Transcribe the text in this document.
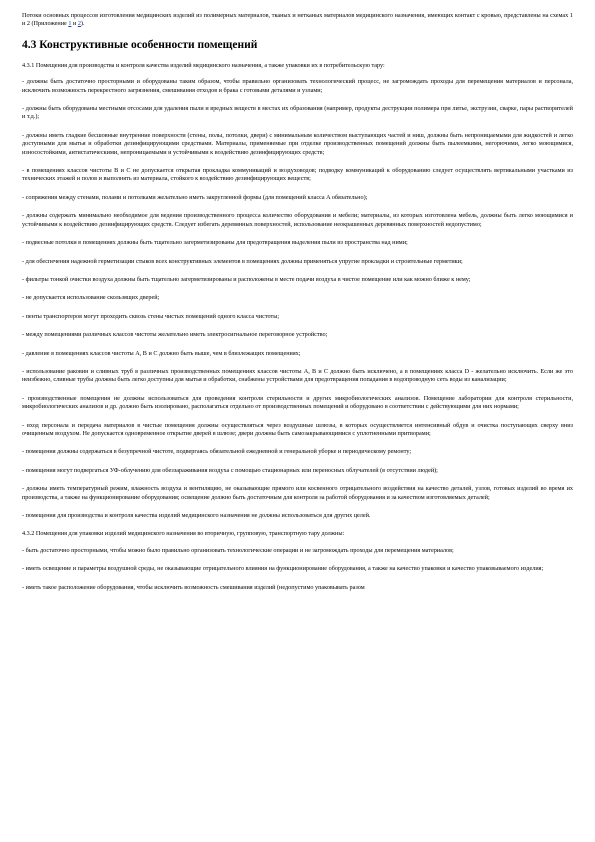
Потоки основных процессов изготовления медицинских изделий из полимерных материалов, тканых и нетканых материалов медицинского назначения, имеющих контакт с кровью, представлены на схемах 1 и 2 (Приложение 1 и 2).

4.3 Конструктивные особенности помещений

4.3.1 Помещения для производства и контроля качества изделий медицинского назначения, а также упаковки их в потребительскую тару:

- должны быть достаточно просторными и оборудованы таким образом, чтобы правильно организовать технологический процесс, не загромождать проходы для перемещения материалов и персонала, исключить возможность перекрестного загрязнения, смешивания отходов и брака с готовыми деталями и узлами;

- должны быть оборудованы местными отсосами для удаления пыли и вредных веществ в местах их образования (например, продукты деструкции полимера при литье, экструзии, сварке, пары растворителей и т.д.);

- должны иметь гладкие бесшовные внутренние поверхности (стены, полы, потолки, двери) с минимальным количеством выступающих частей и ниш, должны быть непроницаемыми для жидкостей и легко доступными для мытья и обработки дезинфицирующими средствами. Материалы, применяемые при отделке производственных помещений должны быть пылеемкими, негорючими, легко моющимися, износостойкими, антистатическими, непроницаемыми и устойчивыми к воздействию дезинфицирующих средств;

- в помещениях классов чистоты B и C не допускается открытая прокладка коммуникаций и воздуховодов; подводку коммуникаций к оборудованию следует осуществлять вертикальными участками из технических этажей и полов и выполнять из материала, стойкого к воздействию дезинфицирующих веществ;

- сопряжения между стенами, полами и потолками желательно иметь закругленной формы (для помещений класса A обязательно);

- должны содержать минимально необходимое для ведения производственного процесса количество оборудования и мебели; материалы, из которых изготовлена мебель, должны быть легко моющимися и устойчивыми к воздействию дезинфицирующих средств. Следует избегать деревянных поверхностей, использование неокрашенных деревянных поверхностей недопустимо;

- подвесные потолки в помещениях должны быть тщательно загерметизированы для предотвращения выделения пыли из пространства над ними;

- для обеспечения надежной герметизации стыков всех конструктивных элементов в помещениях должны применяться упругие прокладки и строительные герметики;

- фильтры тонкой очистки воздуха должны быть тщательно загерметизированы и расположены в месте подачи воздуха в чистое помещение или как можно ближе к нему;

- не допускается использование скользящих дверей;

- пенты транспортеров могут проходить сквозь стены чистых помещений одного класса чистоты;

- между помещениями различных классов чистоты желательно иметь электросигнальное переговорное устройство;

- давление в помещениях классов чистоты A, B и C должно быть выше, чем в близлежащих помещениях;

- использование раковин и сливных труб в различных производственных помещениях классов чистоты A, B и C должно быть исключено, а в помещениях класса D - желательно исключить. Если же это неизбежно, сливные трубы должны быть легко доступны для мытья и обработки, снабжены устройствами для предотвращения попадания в водопроводную сеть воды из канализации;

- производственные помещения не должны использоваться для проведения контроля стерильности и других микробиологических анализов. Помещение лаборатории для контроля стерильности, микробиологических анализов и др. должно быть изолировано, располагаться отдельно от производственных помещений и оборудовано в соответствии с действующими для них нормами;

- вход персонала и передача материалов в чистые помещения должны осуществляться через воздушные шлюзы, в которых осуществляется интенсивный обдув и очистка поступающих сверху вниз очищенным воздухом. Не допускается одновременное открытие дверей в шлюзе; двери должны быть самозакрывающимися с уплотненными притворами;

- помещения должны содержаться в безупречной чистоте, подвергаясь обязательной ежедневной и генеральной уборке и периодическому ремонту;

- помещения могут подвергаться УФ-облучению для обеззараживания воздуха с помощью стационарных или переносных облучателей (в отсутствии людей);

- должны иметь температурный режим, влажность воздуха и вентиляцию, не оказывающие прямого или косвенного отрицательного воздействия на качество деталей, узлов, готовых изделий во время их производства, а также на функционирование оборудования; освещение должно быть достаточным для контроля за работой оборудования и за качеством изготовляемых деталей;

- помещения для производства и контроля качества изделий медицинского назначения не должны использоваться для других целей.

4.3.2 Помещения для упаковки изделий медицинского назначения во вторичную, групповую, транспортную тару должны:

- быть достаточно просторными, чтобы можно было правильно организовать технологические операции и не загромождать проходы для перемещения материалов;

- иметь освещение и параметры воздушной среды, не оказывающие отрицательного влияния на функционирование оборудования, а также на качество упаковки и качество упаковываемого изделия;

- иметь такое расположение оборудования, чтобы исключить возможность смешивания изделий (недопустимо упаковывать разом
